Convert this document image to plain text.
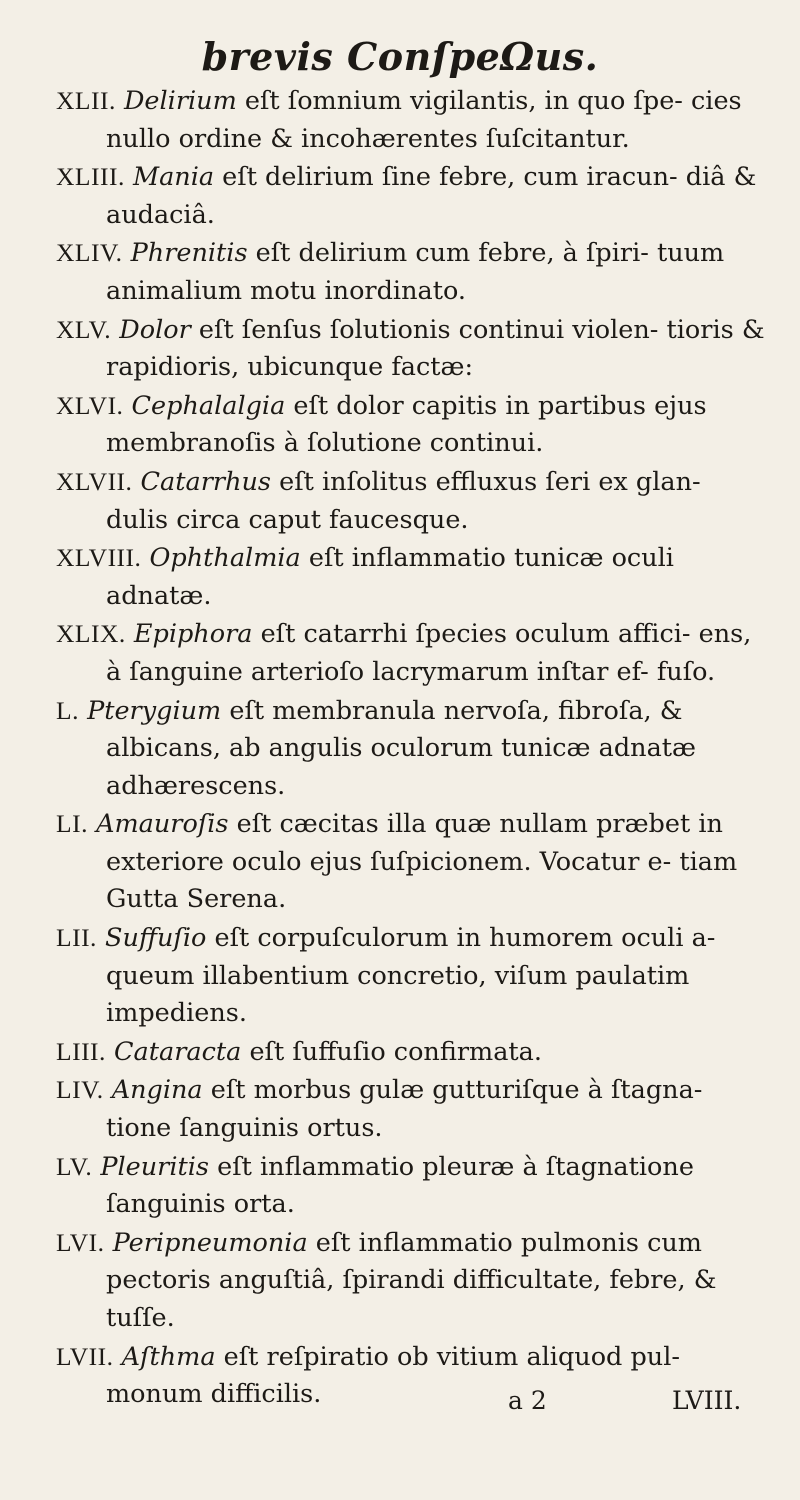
brevis ConſpeΩus.

XLII. Delirium eſt ſomnium vigilantis, in quo ſpe- cies nullo ordine & incohærentes ſuſcitantur.

XLIII. Mania eſt delirium ſine febre, cum iracun- diâ & audaciâ.

XLIV. Phrenitis eſt delirium cum febre, à ſpiri- tuum animalium motu inordinato.

XLV. Dolor eſt ſenſus ſolutionis continui violen- tioris & rapidioris, ubicunque factæ:

XLVI. Cephalalgia eſt dolor capitis in partibus ejus membranoſis à ſolutione continui.

XLVII. Catarrhus eſt inſolitus effluxus ſeri ex glan- dulis circa caput faucesque.

XLVIII. Ophthalmia eſt inflammatio tunicæ oculi adnatæ.

XLIX. Epiphora eſt catarrhi ſpecies oculum affici- ens, à ſanguine arterioſo lacrymarum inſtar ef- fuſo.

L. Pterygium eſt membranula nervoſa, fibroſa, & albicans, ab angulis oculorum tunicæ adnatæ adhærescens.

LI. Amauroſis eſt cæcitas illa quæ nullam præbet in exteriore oculo ejus ſuſpicionem. Vocatur e- tiam Gutta Serena.

LII. Suffuſio eſt corpuſculorum in humorem oculi a- queum illabentium concretio, viſum paulatim impediens.

LIII. Cataracta eſt ſuffuſio confirmata.

LIV. Angina eſt morbus gulæ gutturiſque à ſtagna- tione ſanguinis ortus.

LV. Pleuritis eſt inflammatio pleuræ à ſtagnatione ſanguinis orta.

LVI. Peripneumonia eſt inflammatio pulmonis cum pectoris anguſtiâ, ſpirandi difficultate, febre, & tuſſe.

LVII. Aſthma eſt reſpiratio ob vitium aliquod pul- monum difficilis.	a 2	LVIII.
